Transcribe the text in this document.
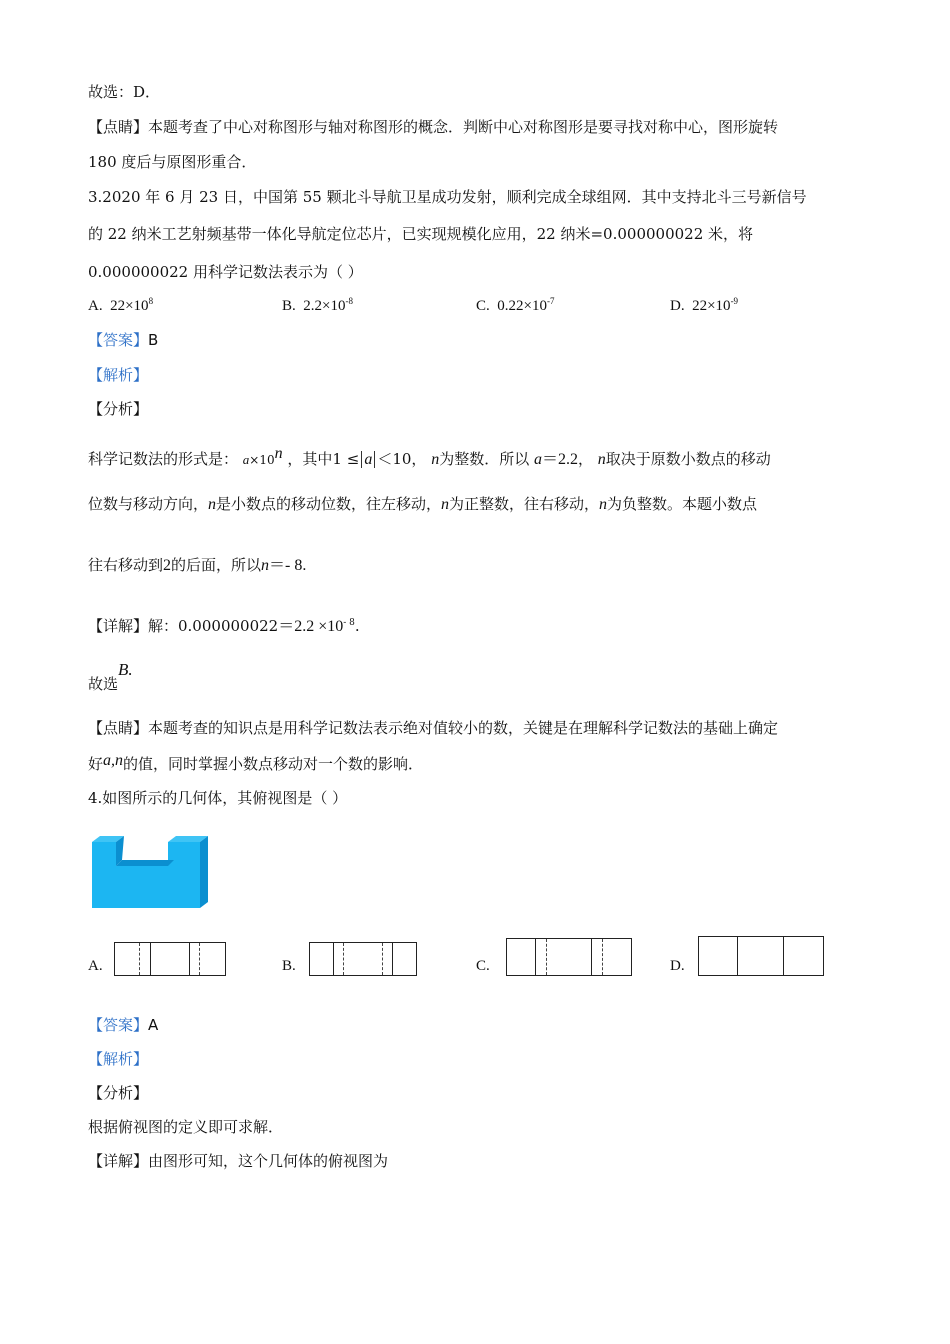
故选：D．
【点睛】本题考查了中心对称图形与轴对称图形的概念．判断中心对称图形是要寻找对称中心，图形旋转
180 度后与原图形重合．
3.2020 年 6 月 23 日，中国第 55 颗北斗导航卫星成功发射，顺利完成全球组网．其中支持北斗三号新信号
的 22 纳米工艺射频基带一体化导航定位芯片，已实现规模化应用，22 纳米=0.000000022 米，将
0.000000022 用科学记数法表示为（ ）
A. $22\times 10^8$	B. $2.2\times 10^{-8}$	C. $0.22\times 10^{-7}$	D. $22\times 10^{-9}$
【答案】B
【解析】
【分析】
科学记数法的形式是： $a\times 10^n$ ，其中1 ≤ a ＜10， n为整数．所以 a＝2.2， n取决于原数小数点的移动
位数与移动方向，n是小数点的移动位数，往左移动，n为正整数，往右移动，n为负整数。本题小数点
往右移动到2的后面，所以n＝- 8.
【详解】解：$0.000000022=2.2 \times 10^{- 8}$.
故选B.
【点睛】本题考查的知识点是用科学记数法表示绝对值较小的数，关键是在理解科学记数法的基础上确定
好a,n的值，同时掌握小数点移动对一个数的影响．
4.如图所示的几何体，其俯视图是（ ）
A.	B.	C.	D.
【答案】A
【解析】
【分析】
根据俯视图的定义即可求解．
【详解】由图形可知，这个几何体的俯视图为
